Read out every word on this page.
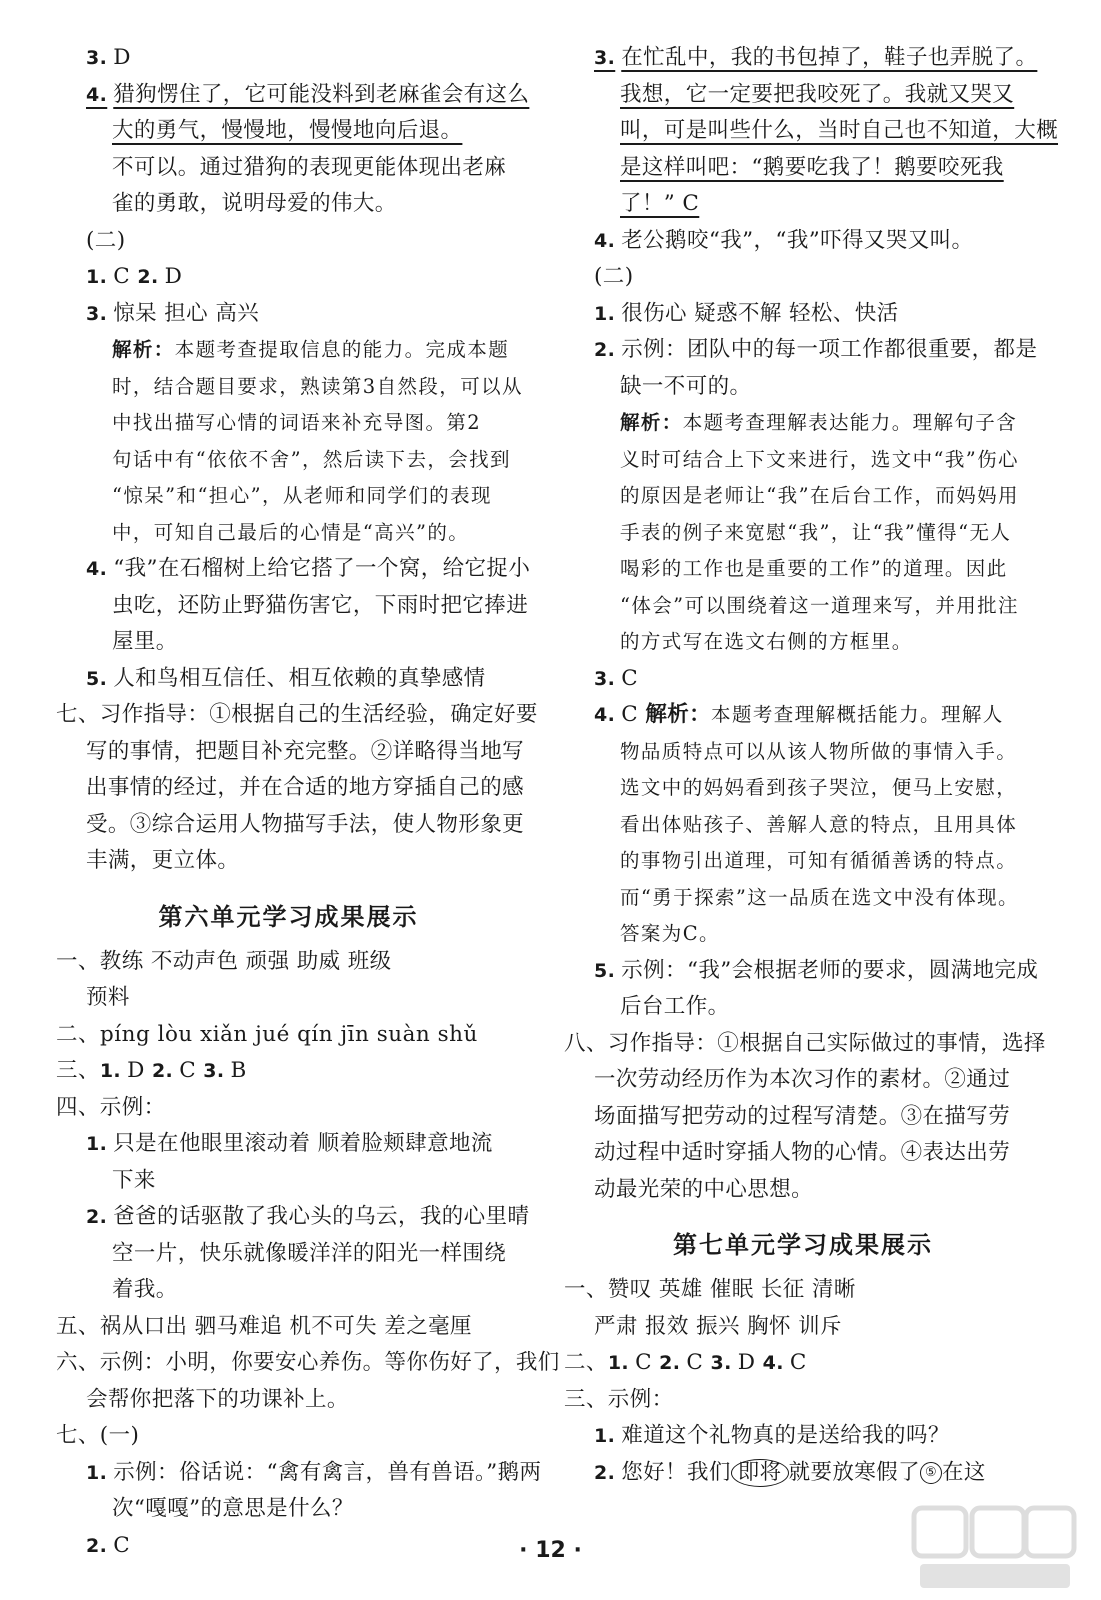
3. D
4. 猎狗愣住了，它可能没料到老麻雀会有这么
大的勇气，慢慢地，慢慢地向后退。
不可以。通过猎狗的表现更能体现出老麻
雀的勇敢，说明母爱的伟大。
(二)
1. C 2. D
3. 惊呆 担心 高兴
解析：本题考查提取信息的能力。完成本题
时，结合题目要求，熟读第3自然段，可以从
中找出描写心情的词语来补充导图。第2
句话中有“依依不舍”，然后读下去，会找到
“惊呆”和“担心”，从老师和同学们的表现
中，可知自己最后的心情是“高兴”的。
4. “我”在石榴树上给它搭了一个窝，给它捉小
虫吃，还防止野猫伤害它，下雨时把它捧进
屋里。
5. 人和鸟相互信任、相互依赖的真挚感情
七、习作指导：①根据自己的生活经验，确定好要
写的事情，把题目补充完整。②详略得当地写
出事情的经过，并在合适的地方穿插自己的感
受。③综合运用人物描写手法，使人物形象更
丰满，更立体。
第六单元学习成果展示
一、教练 不动声色 顽强 助威 班级
预料
二、píng lòu xiǎn jué qín jīn suàn shǔ
三、1. D 2. C 3. B
四、示例：
1. 只是在他眼里滚动着 顺着脸颊肆意地流
下来
2. 爸爸的话驱散了我心头的乌云，我的心里晴
空一片，快乐就像暖洋洋的阳光一样围绕
着我。
五、祸从口出 驷马难追 机不可失 差之毫厘
六、示例：小明，你要安心养伤。等你伤好了，我们
会帮你把落下的功课补上。
七、(一)
1. 示例：俗话说：“禽有禽言，兽有兽语。”鹅两
次“嘎嘎”的意思是什么？
2. C
3. 在忙乱中，我的书包掉了，鞋子也弄脱了。
我想，它一定要把我咬死了。我就又哭又
叫，可是叫些什么，当时自己也不知道，大概
是这样叫吧：“鹅要吃我了！鹅要咬死我
了！” C
4. 老公鹅咬“我”，“我”吓得又哭又叫。
(二)
1. 很伤心 疑惑不解 轻松、快活
2. 示例：团队中的每一项工作都很重要，都是
缺一不可的。
解析：本题考查理解表达能力。理解句子含
义时可结合上下文来进行，选文中“我”伤心
的原因是老师让“我”在后台工作，而妈妈用
手表的例子来宽慰“我”，让“我”懂得“无人
喝彩的工作也是重要的工作”的道理。因此
“体会”可以围绕着这一道理来写，并用批注
的方式写在选文右侧的方框里。
3. C
4. C 解析：本题考查理解概括能力。理解人
物品质特点可以从该人物所做的事情入手。
选文中的妈妈看到孩子哭泣，便马上安慰，
看出体贴孩子、善解人意的特点，且用具体
的事物引出道理，可知有循循善诱的特点。
而“勇于探索”这一品质在选文中没有体现。
答案为C。
5. 示例：“我”会根据老师的要求，圆满地完成
后台工作。
八、习作指导：①根据自己实际做过的事情，选择
一次劳动经历作为本次习作的素材。②通过
场面描写把劳动的过程写清楚。③在描写劳
动过程中适时穿插人物的心情。④表达出劳
动最光荣的中心思想。
第七单元学习成果展示
一、赞叹 英雄 催眠 长征 清晰
严肃 报效 振兴 胸怀 训斥
二、1. C 2. C 3. D 4. C
三、示例：
1. 难道这个礼物真的是送给我的吗？
2. 您好！我们 即将 就要放寒假了 ⑤ 在这
· 12 ·
